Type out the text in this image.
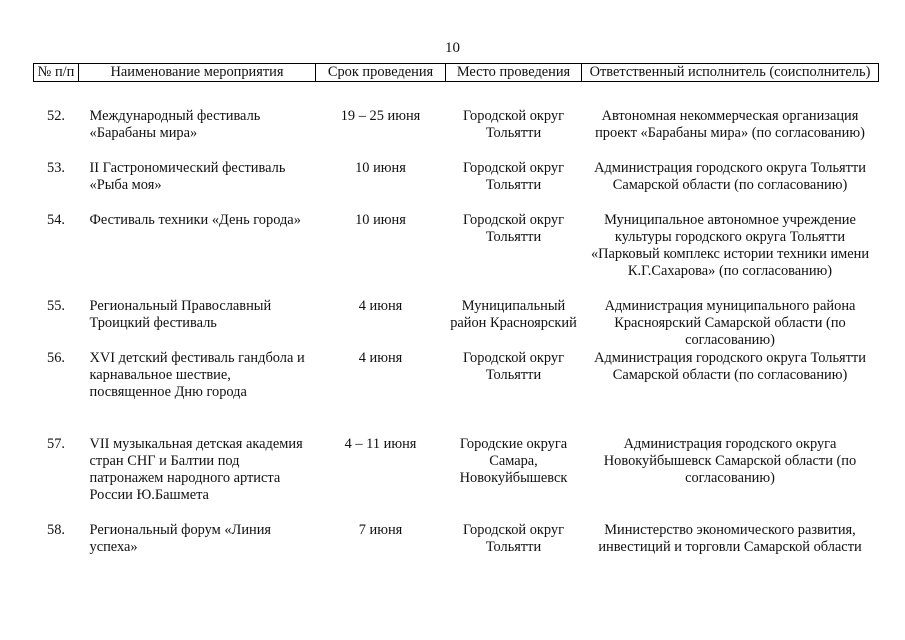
10
№ п/п	Наименование мероприятия	Срок проведения	Место проведения	Ответственный исполнитель (соисполнитель)

52.	Международный фестиваль «Барабаны мира»	19 – 25 июня	Городской округ Тольятти	Автономная некоммерческая организация проект «Барабаны мира» (по согласованию)
53.	II Гастрономический фестиваль «Рыба моя»	10 июня	Городской округ Тольятти	Администрация городского округа Тольятти Самарской области (по согласованию)
54.	Фестиваль техники «День города»	10 июня	Городской округ Тольятти	Муниципальное автономное учреждение культуры городского округа Тольятти «Парковый комплекс истории техники имени К.Г.Сахарова» (по согласованию)
55.	Региональный Православный Троицкий фестиваль	4 июня	Муниципальный район Красноярский	Администрация муниципального района Красноярский Самарской области (по согласованию)
56.	XVI детский фестиваль гандбола и карнавальное шествие, посвященное Дню города	4 июня	Городской округ Тольятти	Администрация городского округа Тольятти Самарской области (по согласованию)
57.	VII музыкальная детская академия стран СНГ и Балтии под патронажем народного артиста России Ю.Башмета	4 – 11 июня	Городские округа Самара, Новокуйбышевск	Администрация городского округа Новокуйбышевск Самарской области (по согласованию)
58.	Региональный форум «Линия успеха»	7 июня	Городской округ Тольятти	Министерство экономического развития, инвестиций и торговли Самарской области
